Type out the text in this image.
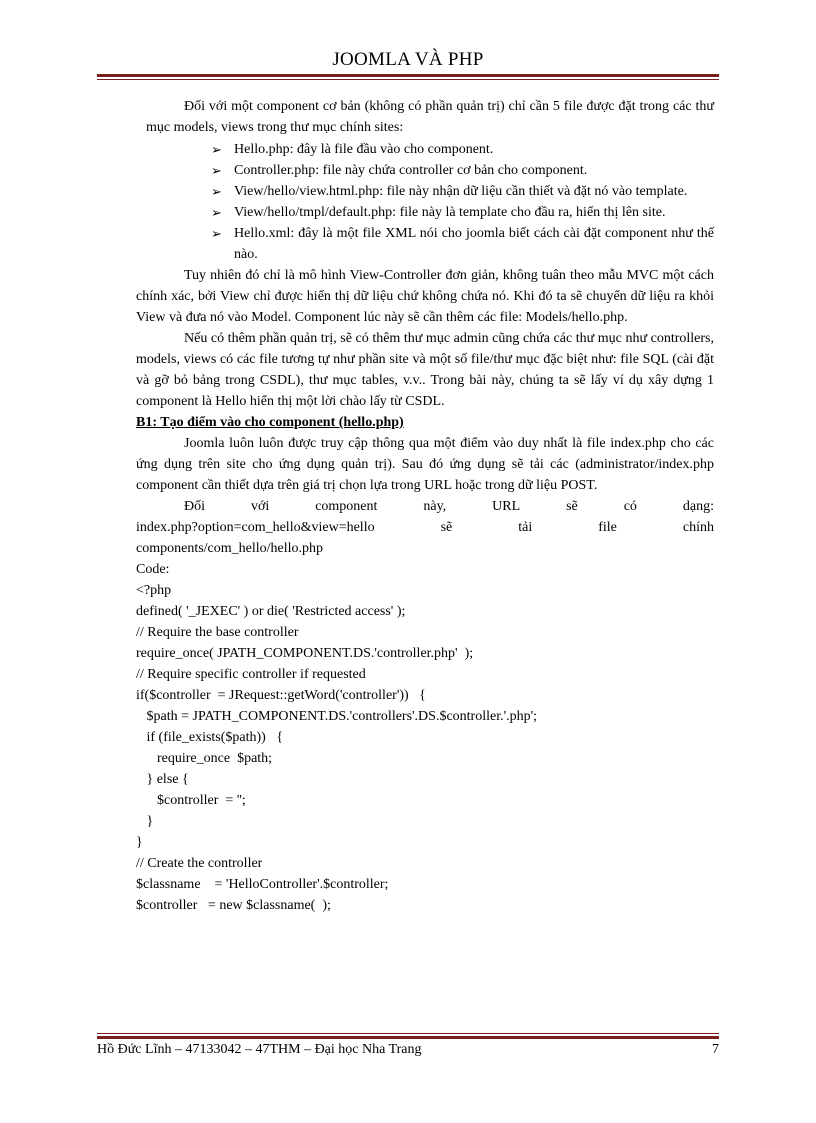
JOOMLA VÀ PHP

Đối với một component cơ bản (không có phần quản trị) chỉ cần 5 file được đặt trong các thư mục models, views trong thư mục chính sites:

➢ Hello.php: đây là file đầu vào cho component.
➢ Controller.php: file này chứa controller cơ bản cho component.
➢ View/hello/view.html.php: file này nhận dữ liệu cần thiết và đặt nó vào template.
➢ View/hello/tmpl/default.php: file này là template cho đầu ra, hiển thị lên site.
➢ Hello.xml: đây là một file XML nói cho joomla biết cách cài đặt component như thế nào.

Tuy nhiên đó chỉ là mô hình View-Controller đơn giản, không tuân theo mẫu MVC một cách chính xác, bởi View chỉ được hiển thị dữ liệu chứ không chứa nó. Khi đó ta sẽ chuyển dữ liệu ra khỏi View và đưa nó vào Model. Component lúc này sẽ cần thêm các file: Models/hello.php.

Nếu có thêm phần quản trị, sẽ có thêm thư mục admin cũng chứa các thư mục như controllers, models, views có các file tương tự như phần site và một số file/thư mục đặc biệt như: file SQL (cài đặt và gỡ bỏ bảng trong CSDL), thư mục tables, v.v.. Trong bài này, chúng ta sẽ lấy ví dụ xây dựng 1 component là Hello hiển thị một lời chào lấy từ CSDL.

B1: Tạo điểm vào cho component (hello.php)

Joomla luôn luôn được truy cập thông qua một điểm vào duy nhất là file index.php cho các ứng dụng trên site cho ứng dụng quản trị). Sau đó ứng dụng sẽ tải các (administrator/index.php component cần thiết dựa trên giá trị chọn lựa trong URL hoặc trong dữ liệu POST.

Đối	với	component	này,	URL	sẽ	có	dạng:
index.php?option=com_hello&view=hello	sẽ	tải	file	chính

components/com_hello/hello.php

Code:

<?php
defined( '_JEXEC' ) or die( 'Restricted access' );
// Require the base controller
require_once( JPATH_COMPONENT.DS.'controller.php'  );
// Require specific controller if requested
if($controller  = JRequest::getWord('controller'))   {
$path = JPATH_COMPONENT.DS.'controllers'.DS.$controller.'.php';
if (file_exists($path))   {
require_once  $path;
} else {
$controller  = '';
}
}
// Create the controller
$classname    = 'HelloController'.$controller;
$controller   = new $classname(  );
Hồ Đức Lĩnh – 47133042 – 47THM – Đại học Nha Trang	7
